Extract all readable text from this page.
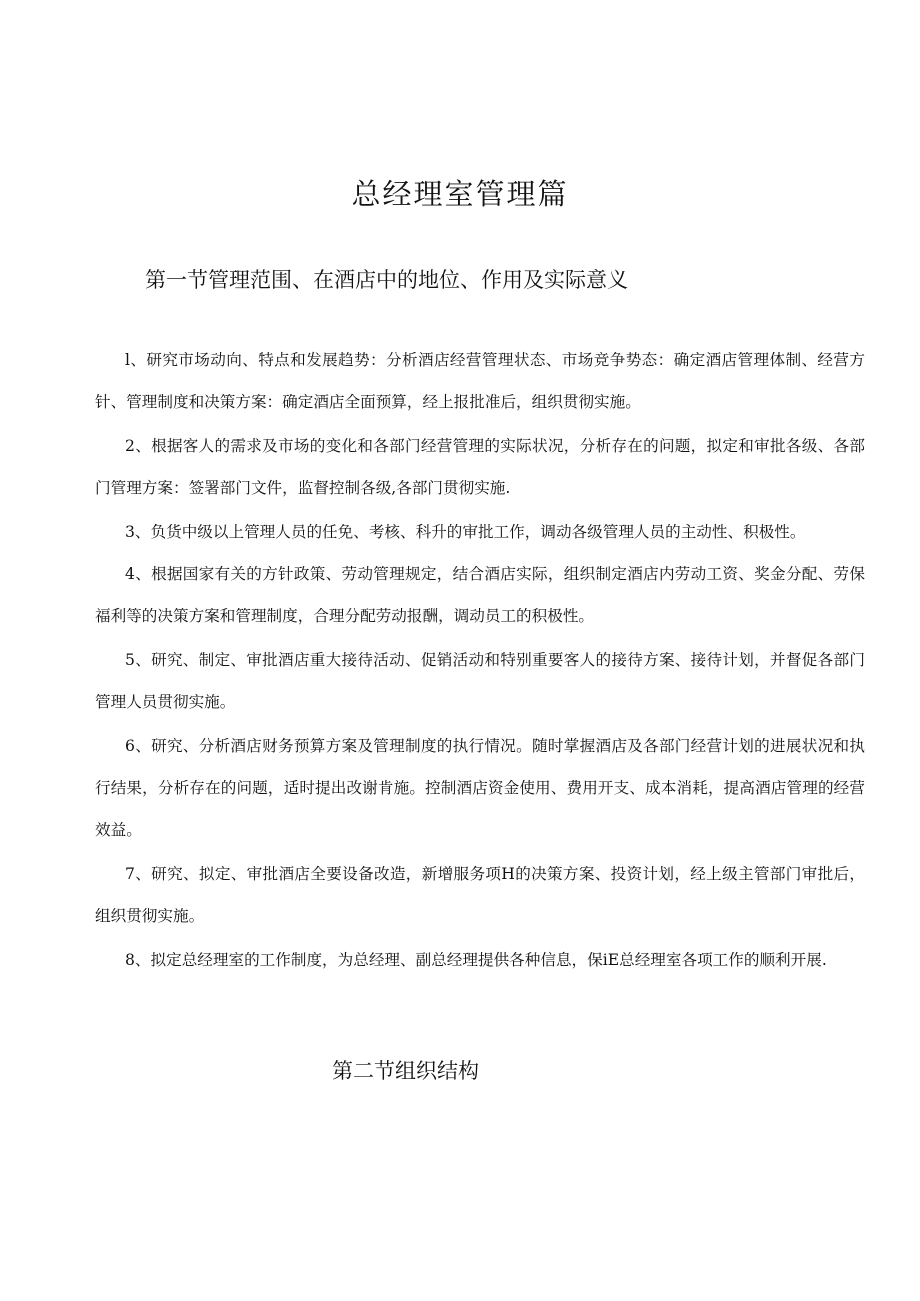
总经理室管理篇
第一节管理范围、在酒店中的地位、作用及实际意义

l、研究市场动向、特点和发展趋势：分析酒店经营管理状态、市场竞争势态：确定酒店管理体制、经营方针、管理制度和决策方案：确定酒店全面预算，经上报批准后，组织贯彻实施。

2、根据客人的需求及市场的变化和各部门经营管理的实际状况，分析存在的问题，拟定和审批各级、各部门管理方案：签署部门文件，监督控制各级,各部门贯彻实施.

3、负货中级以上管理人员的任免、考核、科升的审批工作，调动各级管理人员的主动性、积极性。

4、根据国家有关的方针政策、劳动管理规定，结合酒店实际，组织制定酒店内劳动工资、奖金分配、劳保福利等的决策方案和管理制度，合理分配劳动报酬，调动员工的积极性。

5、研究、制定、审批酒店重大接待活动、促销活动和特别重要客人的接待方案、接待计划，并督促各部门管理人员贯彻实施。

6、研究、分析酒店财务预算方案及管理制度的执行情况。随时掌握酒店及各部门经营计划的进展状况和执行结果，分析存在的问题，适时提出改谢肯施。控制酒店资金使用、费用开支、成本消耗，提高酒店管理的经营效益。

7、研究、拟定、审批酒店全要设备改造，新增服务项H的决策方案、投资计划，经上级主管部门审批后，组织贯彻实施。

8、拟定总经理室的工作制度，为总经理、副总经理提供各种信息，保iE总经理室各项工作的顺利开展.

第二节组织结构
